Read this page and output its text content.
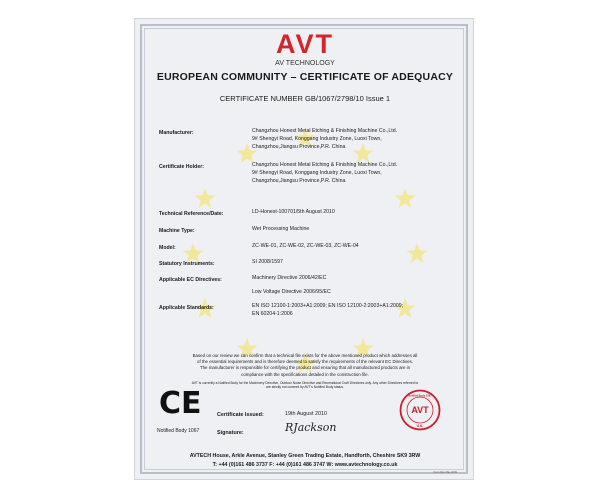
AVT
AV TECHNOLOGY
EUROPEAN COMMUNITY – CERTIFICATE OF ADEQUACY
CERTIFICATE NUMBER GB/1067/2798/10 Issue 1
Manufacturer:	Changzhou Honest Metal Etching & Finishing Machine Co.,Ltd.
9# Shengyi Road, Konggang Industry Zone, Luoxi Town,
Changzhou,Jiangsu Province,P.R. China
Certificate Holder:	Changzhou Honest Metal Etching & Finishing Machine Co.,Ltd.
9# Shengyi Road, Konggang Industry Zone, Luoxi Town,
Changzhou,Jiangsu Province,P.R. China
Technical Reference/Date:	LD-Honest-100701/5th August 2010
Machine Type:	Wet Processing Machine
Model:	ZC-WE-01, ZC-WE-02, ZC-WE-03, ZC-WE-04
Statutory Instruments:	SI 2008/1597
Applicable EC Directives:	Machinery Directive 2006/42/EC
Low Voltage Directive 2006/95/EC
Applicable Standards:	EN ISO 12100-1:2003+A1:2009; EN ISO 12100-2:2003+A1:2009;
EN 60204-1:2006
Based on our review we can confirm that a technical file exists for the above mentioned product which addresses all
of the essential requirements and is therefore deemed to satisfy the requirements of the relevant EC Directives.
The manufacturer is responsible for certifying the product and ensuring that all manufactured products are in
compliance with the specifications detailed in the construction file.
AVT is currently a Notified Body for the Machinery Directive, Outdoor Noise Directive and Recreational Craft Directives only. Any other Directives referred to
are strictly not covered by AVT's Notified Body status.
CE
Notified Body 1067
Certificate Issued:	19th August 2010
Signature:	RJackson
AVT
Notified Body 1067
U.K.
AVTECH House, Arkle Avenue, Stanley Green Trading Estate, Handforth, Cheshire SK9 3RW
T: +44 (0)161 486 3737 F: +44 (0)161 486 3747 W: www.avtechnology.co.uk
Form Rev May 2009
